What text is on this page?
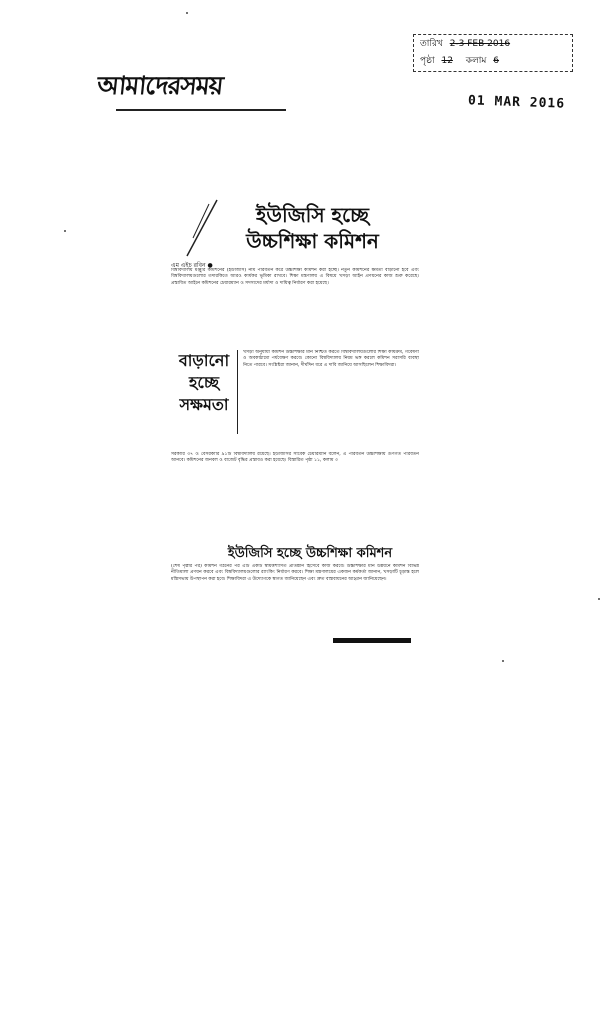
তারিখ 2-3 FEB 2016
পৃষ্ঠা 12 কলাম 6
আমাদেরসময়
01 MAR 2016
ইউজিসি হচ্ছে
উচ্চশিক্ষা কমিশন
এম এইচ রবিন ●
বিশ্ববিদ্যালয় মঞ্জুরি কমিশনের (ইউজিসি) নাম পরিবর্তন করে উচ্চশিক্ষা কমিশন করা হচ্ছে। নতুন কমিশনের ক্ষমতা বাড়ানো হবে এবং বিশ্ববিদ্যালয়গুলোর তদারকিতে আরও কার্যকর ভূমিকা রাখবে। শিক্ষা মন্ত্রণালয় এ বিষয়ে খসড়া আইন প্রণয়নের কাজ শুরু করেছে। প্রস্তাবিত আইনে কমিশনের চেয়ারম্যান ও সদস্যদের মর্যাদা ও দায়িত্ব নির্ধারণ করা হয়েছে।
বাড়ানো
হচ্ছে
সক্ষমতা
খসড়া অনুযায়ী কমিশন উচ্চশিক্ষার মান নিশ্চিত করতে বিশ্ববিদ্যালয়গুলোর শিক্ষা কার্যক্রম, গবেষণা ও অবকাঠামো পর্যবেক্ষণ করবে। কোনো বিশ্ববিদ্যালয় নিয়ম ভঙ্গ করলে কমিশন সরাসরি ব্যবস্থা নিতে পারবে। সংশ্লিষ্টরা জানান, দীর্ঘদিন ধরে এ দাবি জানিয়ে আসছিলেন শিক্ষাবিদরা।
সরকারি ৩৭ ও বেসরকারি ৯১টি বিশ্ববিদ্যালয় রয়েছে। ইউজিসির সাবেক চেয়ারম্যান বলেন, এ পরিবর্তন উচ্চশিক্ষায় গুণগত পরিবর্তন আনবে। কমিশনের জনবল ও বাজেট বৃদ্ধির প্রস্তাবও করা হয়েছে। বিস্তারিত পৃষ্ঠা ১১, কলাম ৩
ইউজিসি হচ্ছে উচ্চশিক্ষা কমিশন
(শেষ পৃষ্ঠার পর) কমিশন গঠনের পর এটি একটি স্বায়ত্তশাসিত প্রতিষ্ঠান হিসেবে কাজ করবে। উচ্চশিক্ষার মান উন্নয়নে কমিশন বিভিন্ন নীতিমালা প্রণয়ন করবে এবং বিশ্ববিদ্যালয়গুলোর র‍্যাংকিং নির্ধারণ করবে। শিক্ষা মন্ত্রণালয়ের একজন কর্মকর্তা জানান, খসড়াটি চূড়ান্ত হলে মন্ত্রিসভায় উপস্থাপন করা হবে। শিক্ষাবিদরা এ উদ্যোগকে স্বাগত জানিয়েছেন এবং দ্রুত বাস্তবায়নের আহ্বান জানিয়েছেন।
